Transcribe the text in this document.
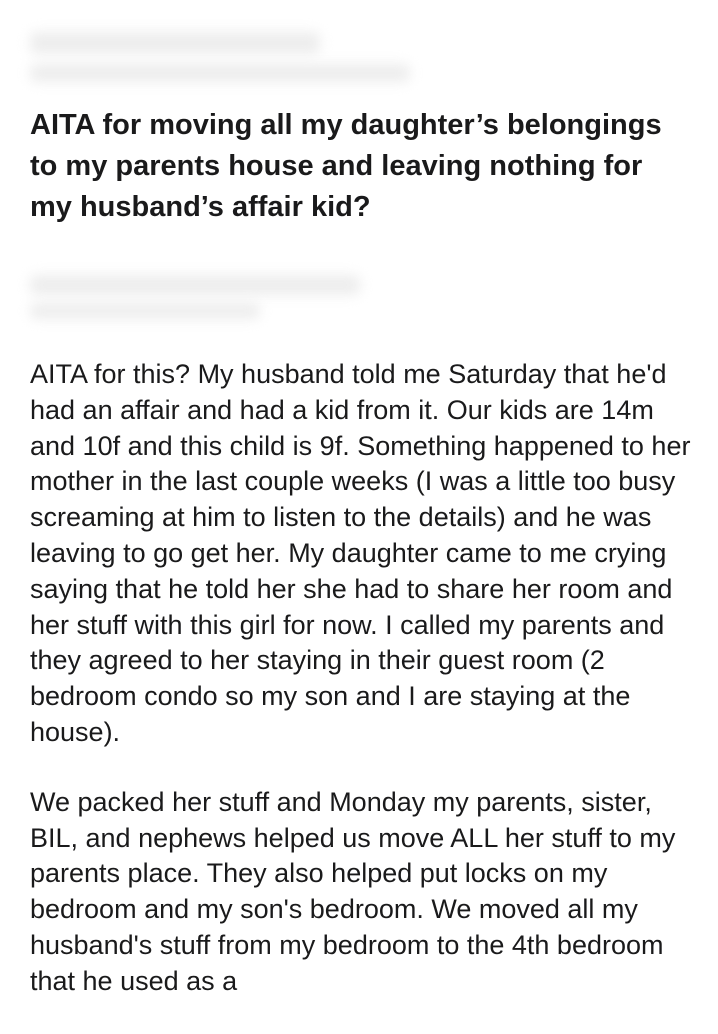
AITA for moving all my daughter’s belongings to my parents house and leaving nothing for my husband’s affair kid?

AITA for this? My husband told me Saturday that he'd had an affair and had a kid from it. Our kids are 14m and 10f and this child is 9f. Something happened to her mother in the last couple weeks (I was a little too busy screaming at him to listen to the details) and he was leaving to go get her. My daughter came to me crying saying that he told her she had to share her room and her stuff with this girl for now. I called my parents and they agreed to her staying in their guest room (2 bedroom condo so my son and I are staying at the house).

We packed her stuff and Monday my parents, sister, BIL, and nephews helped us move ALL her stuff to my parents place. They also helped put locks on my bedroom and my son's bedroom. We moved all my husband's stuff from my bedroom to the 4th bedroom that he used as a
